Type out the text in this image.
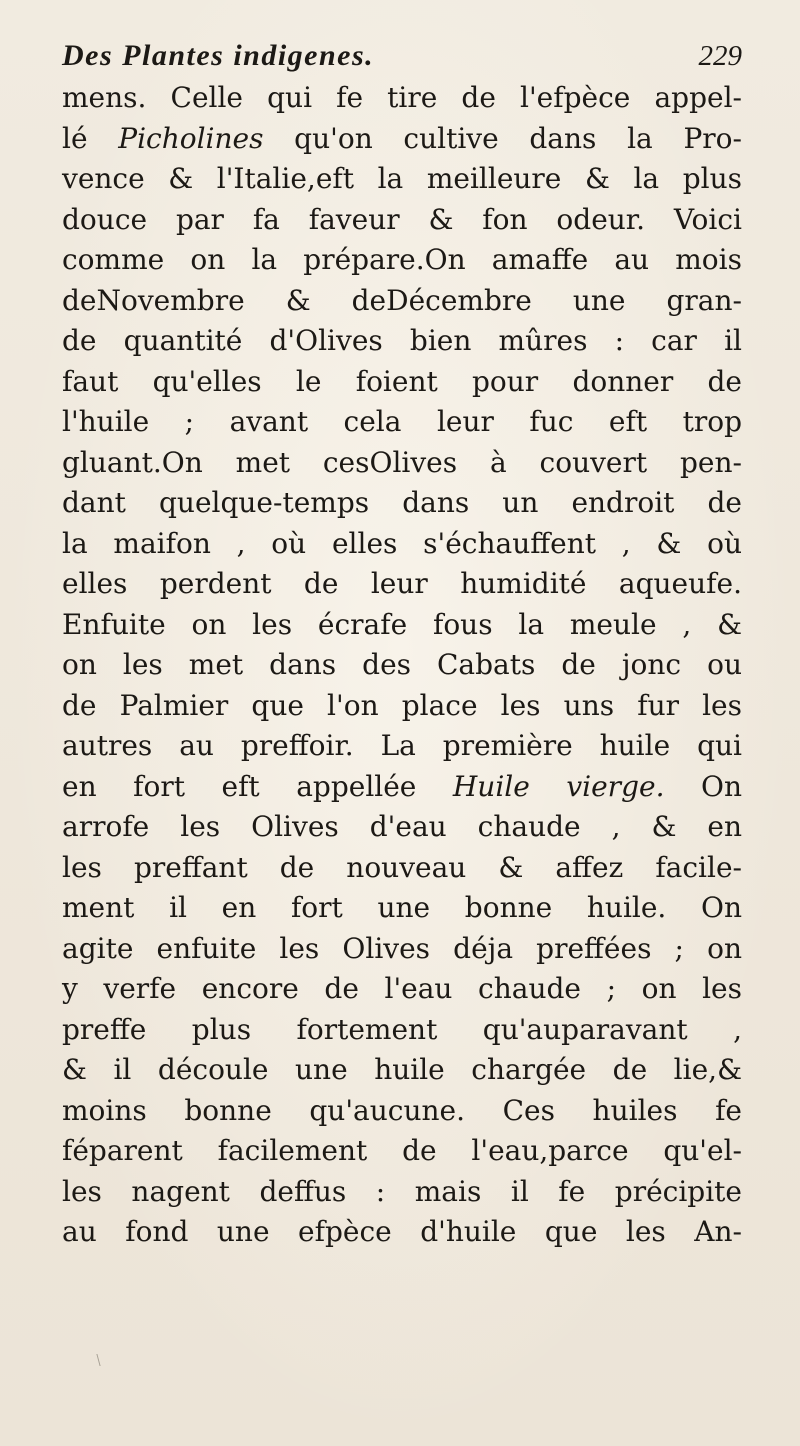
Des Plantes indigenes.	229
mens. Celle qui fe tire de l'efpèce appel-
lé Picholines qu'on cultive dans la Pro-
vence & l'Italie,eft la meilleure & la plus
douce par fa faveur & fon odeur. Voici
comme on la prépare.On amaffe au mois
deNovembre & deDécembre une gran-
de quantité d'Olives bien mûres : car il
faut qu'elles le foient pour donner de
l'huile ; avant cela leur fuc eft trop
gluant.On met cesOlives à couvert pen-
dant quelque-temps dans un endroit de
la maifon , où elles s'échauffent , & où
elles perdent de leur humidité aqueufe.
Enfuite on les écrafe fous la meule , &
on les met dans des Cabats de jonc ou
de Palmier que l'on place les uns fur les
autres au preffoir. La première huile qui
en fort eft appellée Huile vierge. On
arrofe les Olives d'eau chaude , & en
les preffant de nouveau & affez facile-
ment il en fort une bonne huile. On
agite enfuite les Olives déja preffées ; on
y verfe encore de l'eau chaude ; on les
preffe plus fortement qu'auparavant ,
& il découle une huile chargée de lie,&
moins bonne qu'aucune. Ces huiles fe
féparent facilement de l'eau,parce qu'el-
les nagent deffus : mais il fe précipite
au fond une efpèce d'huile que les An-
